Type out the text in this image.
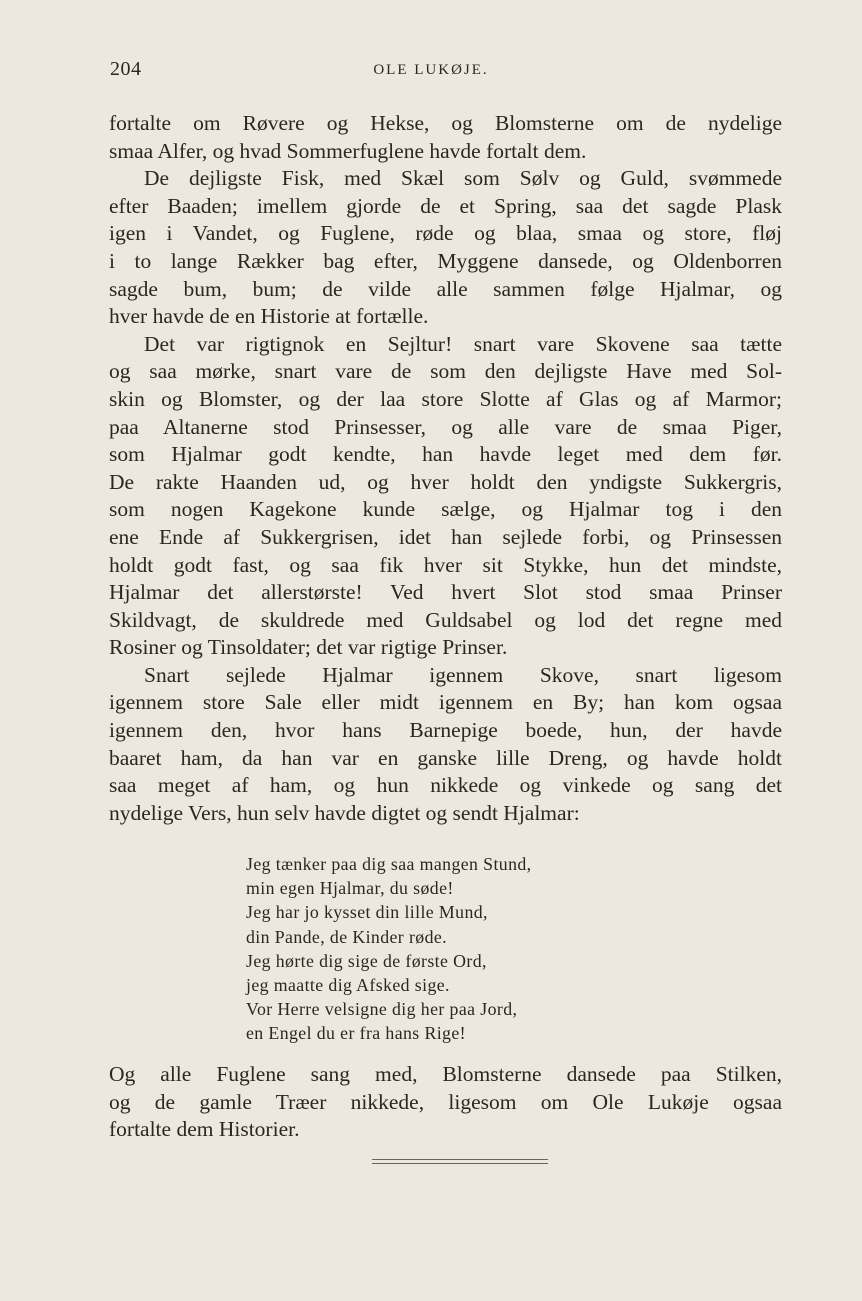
204	OLE LUKØJE.
fortalte om Røvere og Hekse, og Blomsterne om de nydelige
smaa Alfer, og hvad Sommerfuglene havde fortalt dem.
De dejligste Fisk, med Skæl som Sølv og Guld, svømmede
efter Baaden; imellem gjorde de et Spring, saa det sagde Plask
igen i Vandet, og Fuglene, røde og blaa, smaa og store, fløj
i to lange Rækker bag efter, Myggene dansede, og Oldenborren
sagde bum, bum; de vilde alle sammen følge Hjalmar, og
hver havde de en Historie at fortælle.
Det var rigtignok en Sejltur! snart vare Skovene saa tætte
og saa mørke, snart vare de som den dejligste Have med Sol-
skin og Blomster, og der laa store Slotte af Glas og af Marmor;
paa Altanerne stod Prinsesser, og alle vare de smaa Piger,
som Hjalmar godt kendte, han havde leget med dem før.
De rakte Haanden ud, og hver holdt den yndigste Sukkergris,
som nogen Kagekone kunde sælge, og Hjalmar tog i den
ene Ende af Sukkergrisen, idet han sejlede forbi, og Prinsessen
holdt godt fast, og saa fik hver sit Stykke, hun det mindste,
Hjalmar det allerstørste! Ved hvert Slot stod smaa Prinser
Skildvagt, de skuldrede med Guldsabel og lod det regne med
Rosiner og Tinsoldater; det var rigtige Prinser.
Snart sejlede Hjalmar igennem Skove, snart ligesom
igennem store Sale eller midt igennem en By; han kom ogsaa
igennem den, hvor hans Barnepige boede, hun, der havde
baaret ham, da han var en ganske lille Dreng, og havde holdt
saa meget af ham, og hun nikkede og vinkede og sang det
nydelige Vers, hun selv havde digtet og sendt Hjalmar:
Jeg tænker paa dig saa mangen Stund,
min egen Hjalmar, du søde!
Jeg har jo kysset din lille Mund,
din Pande, de Kinder røde.
Jeg hørte dig sige de første Ord,
jeg maatte dig Afsked sige.
Vor Herre velsigne dig her paa Jord,
en Engel du er fra hans Rige!
Og alle Fuglene sang med, Blomsterne dansede paa Stilken,
og de gamle Træer nikkede, ligesom om Ole Lukøje ogsaa
fortalte dem Historier.
